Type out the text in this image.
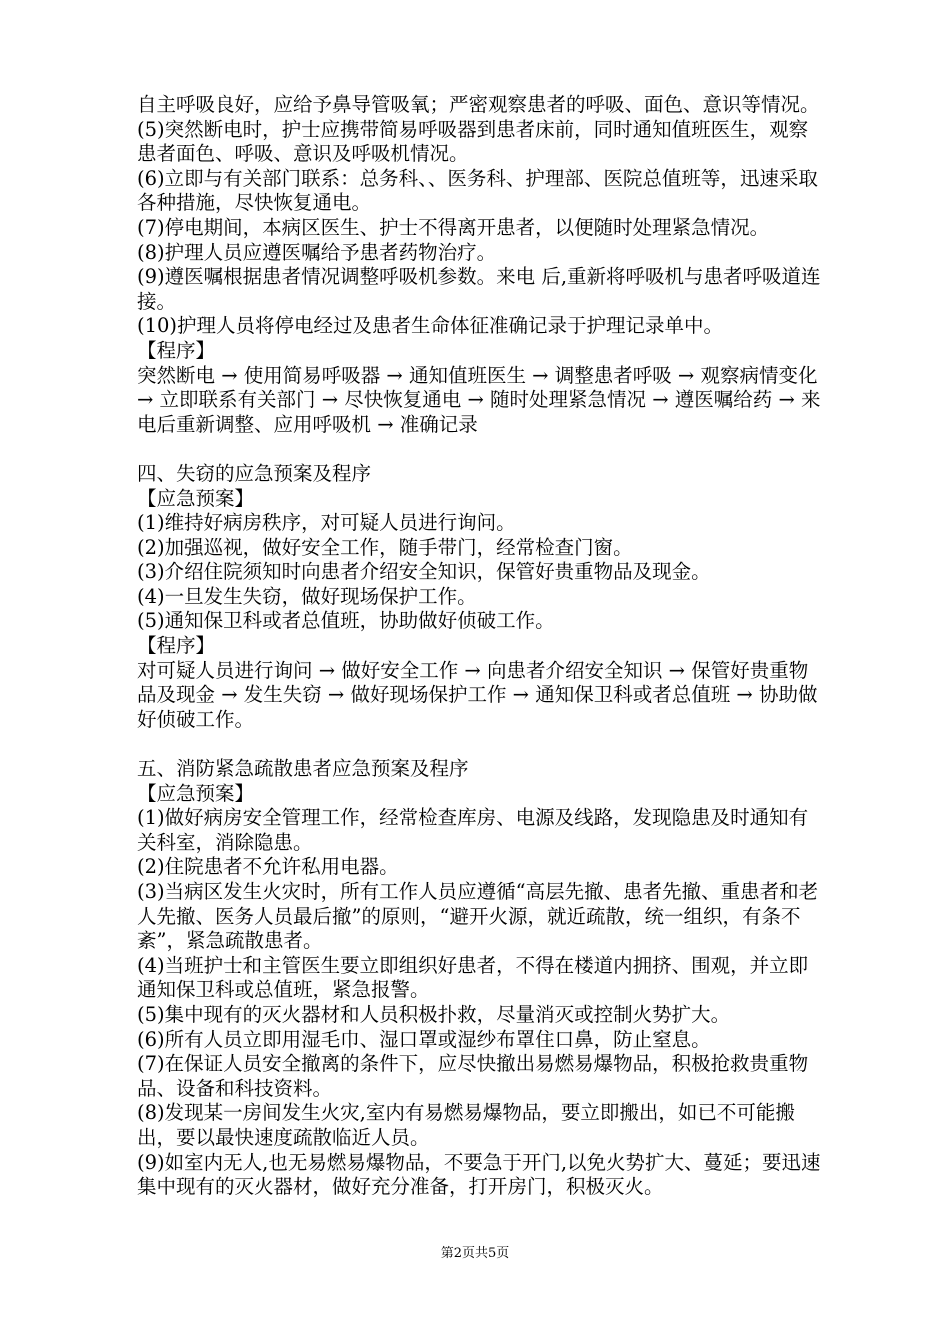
自主呼吸良好，应给予鼻导管吸氧；严密观察患者的呼吸、面色、意识等情况。

(5)突然断电时，护士应携带简易呼吸器到患者床前，同时通知值班医生，观察患者面色、呼吸、意识及呼吸机情况。

(6)立即与有关部门联系：总务科、、医务科、护理部、医院总值班等，迅速采取各种措施，尽快恢复通电。

(7)停电期间，本病区医生、护士不得离开患者，以便随时处理紧急情况。

(8)护理人员应遵医嘱给予患者药物治疗。

(9)遵医嘱根据患者情况调整呼吸机参数。来电 后,重新将呼吸机与患者呼吸道连接。

(10)护理人员将停电经过及患者生命体征准确记录于护理记录单中。

【程序】

突然断电 → 使用简易呼吸器 → 通知值班医生 → 调整患者呼吸 → 观察病情变化 → 立即联系有关部门 → 尽快恢复通电 → 随时处理紧急情况 → 遵医嘱给药 → 来电后重新调整、应用呼吸机 → 准确记录

四、失窃的应急预案及程序

【应急预案】

(1)维持好病房秩序，对可疑人员进行询问。

(2)加强巡视，做好安全工作，随手带门，经常检查门窗。

(3)介绍住院须知时向患者介绍安全知识，保管好贵重物品及现金。

(4)一旦发生失窃，做好现场保护工作。

(5)通知保卫科或者总值班，协助做好侦破工作。

【程序】

对可疑人员进行询问 → 做好安全工作 → 向患者介绍安全知识 → 保管好贵重物品及现金 → 发生失窃 → 做好现场保护工作 → 通知保卫科或者总值班 → 协助做好侦破工作。

五、消防紧急疏散患者应急预案及程序

【应急预案】

(1)做好病房安全管理工作，经常检查库房、电源及线路，发现隐患及时通知有关科室，消除隐患。

(2)住院患者不允许私用电器。

(3)当病区发生火灾时，所有工作人员应遵循“高层先撤、患者先撤、重患者和老人先撤、医务人员最后撤”的原则，“避开火源，就近疏散，统一组织，有条不紊”，紧急疏散患者。

(4)当班护士和主管医生要立即组织好患者，不得在楼道内拥挤、围观，并立即通知保卫科或总值班，紧急报警。

(5)集中现有的灭火器材和人员积极扑救，尽量消灭或控制火势扩大。

(6)所有人员立即用湿毛巾、湿口罩或湿纱布罩住口鼻，防止窒息。

(7)在保证人员安全撤离的条件下，应尽快撤出易燃易爆物品，积极抢救贵重物品、设备和科技资料。

(8)发现某一房间发生火灾,室内有易燃易爆物品，要立即搬出，如已不可能搬出，要以最快速度疏散临近人员。

(9)如室内无人,也无易燃易爆物品，不要急于开门,以免火势扩大、蔓延；要迅速集中现有的灭火器材，做好充分准备，打开房门，积极灭火。

第2页共5页
